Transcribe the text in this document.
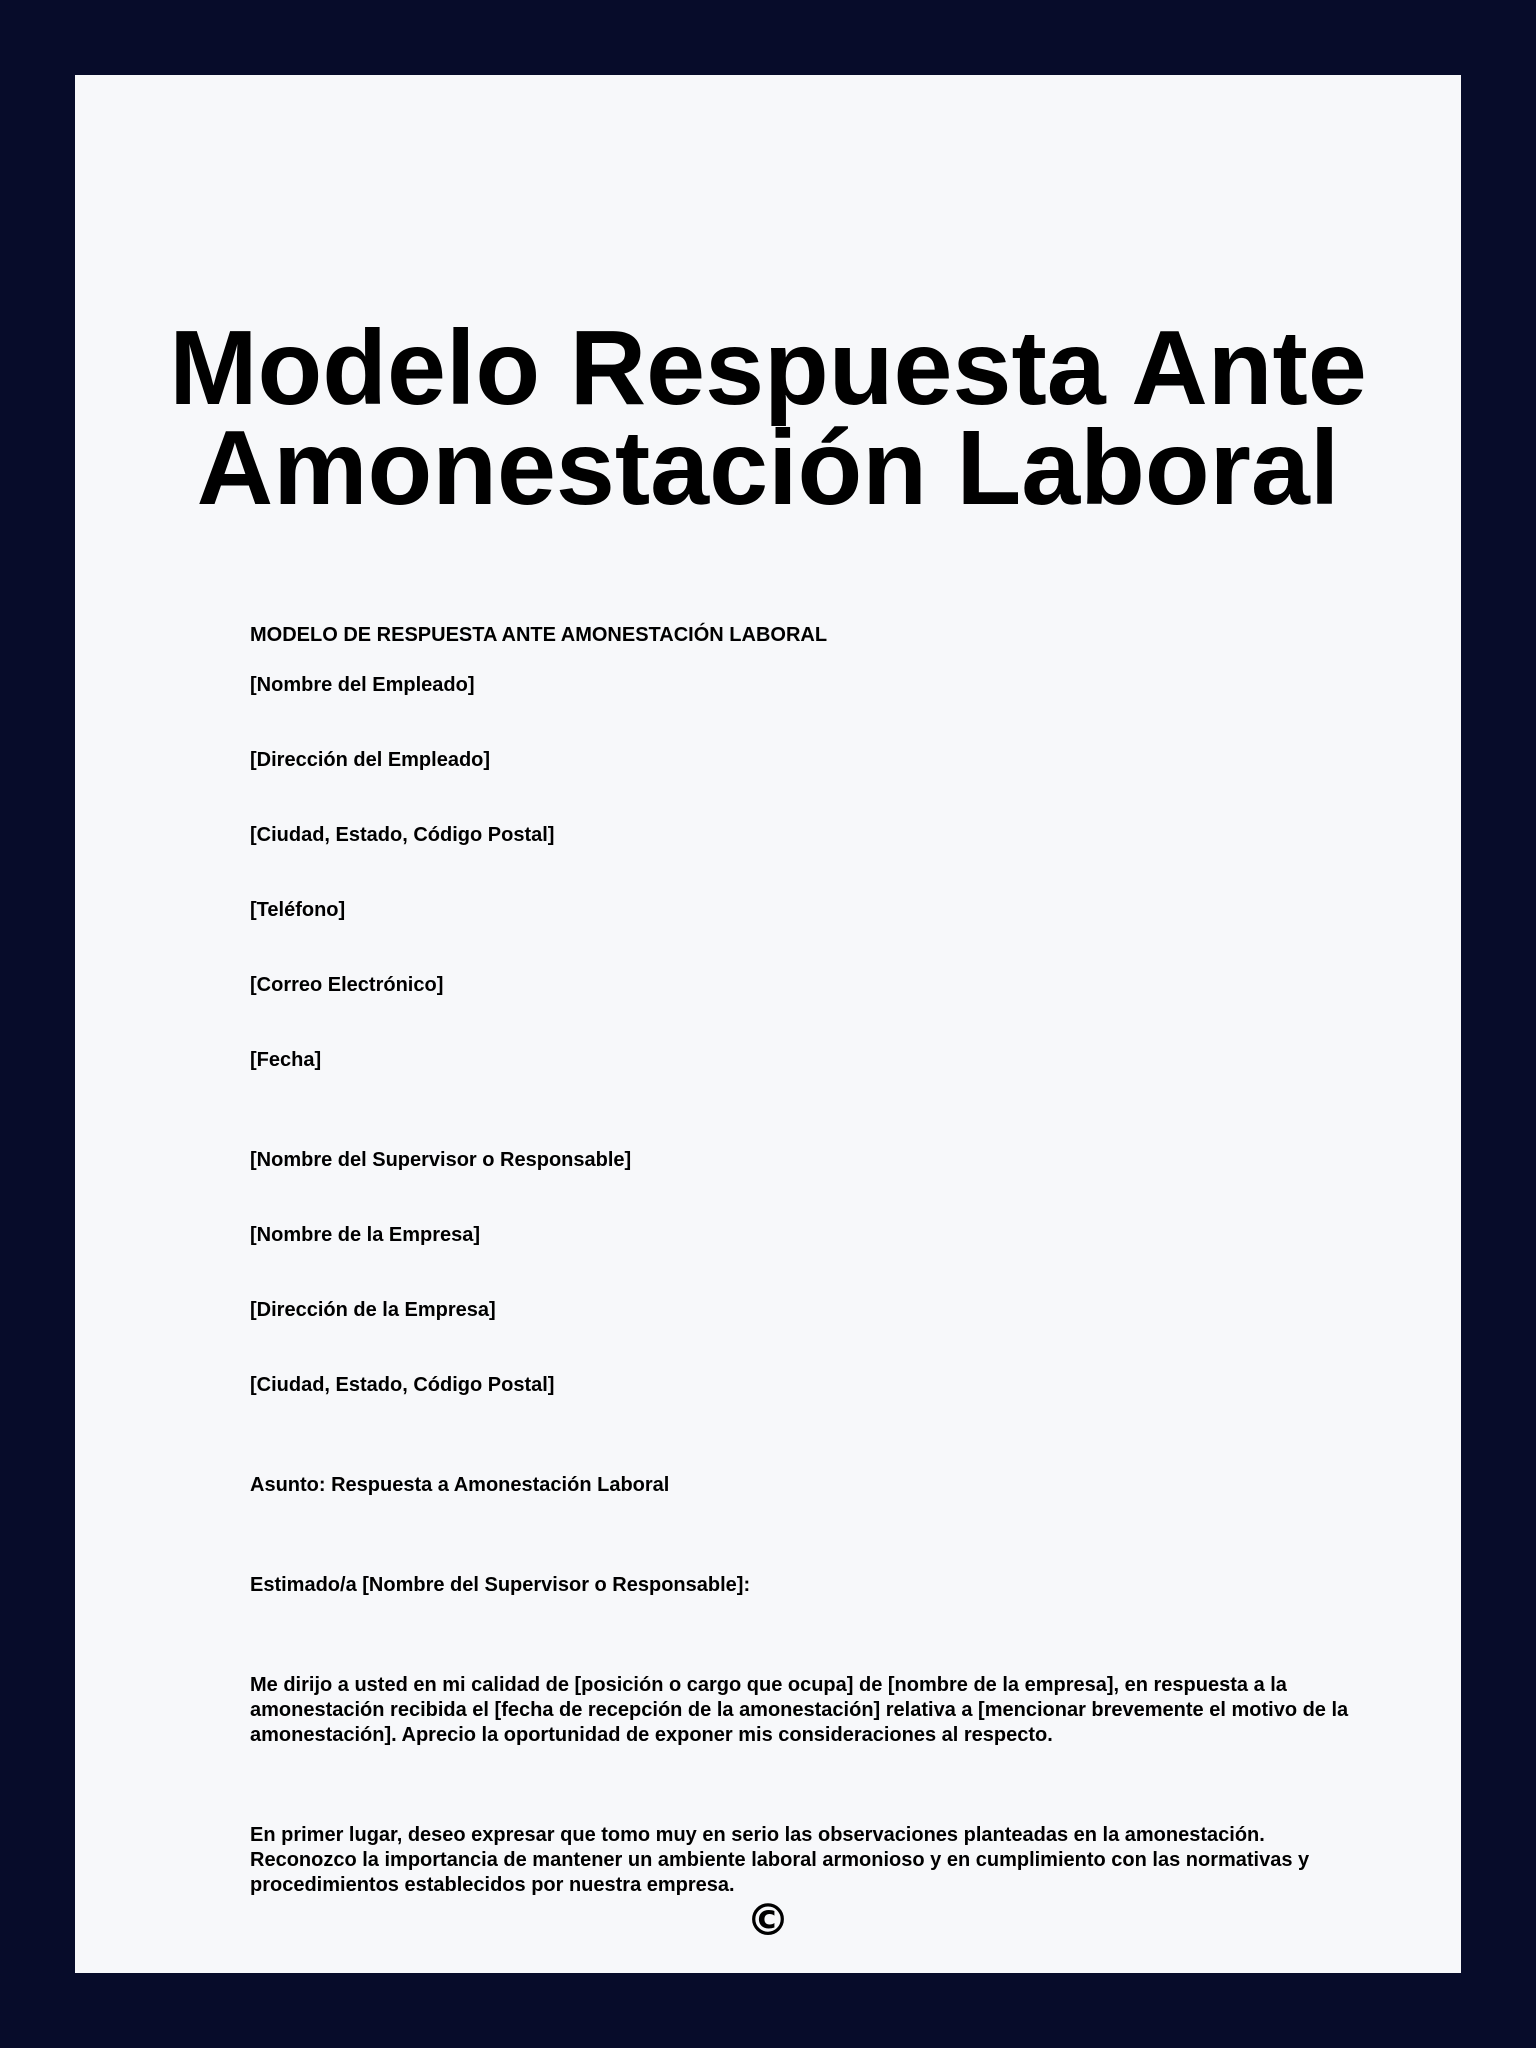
Modelo Respuesta Ante
Amonestación Laboral
MODELO DE RESPUESTA ANTE AMONESTACIÓN LABORAL
[Nombre del Empleado]
[Dirección del Empleado]
[Ciudad, Estado, Código Postal]
[Teléfono]
[Correo Electrónico]
[Fecha]
[Nombre del Supervisor o Responsable]
[Nombre de la Empresa]
[Dirección de la Empresa]
[Ciudad, Estado, Código Postal]
Asunto: Respuesta a Amonestación Laboral
Estimado/a [Nombre del Supervisor o Responsable]:
Me dirijo a usted en mi calidad de [posición o cargo que ocupa] de [nombre de la empresa], en respuesta a la amonestación recibida el [fecha de recepción de la amonestación] relativa a [mencionar brevemente el motivo de la amonestación]. Aprecio la oportunidad de exponer mis consideraciones al respecto.
En primer lugar, deseo expresar que tomo muy en serio las observaciones planteadas en la amonestación. Reconozco la importancia de mantener un ambiente laboral armonioso y en cumplimiento con las normativas y procedimientos establecidos por nuestra empresa.
©
